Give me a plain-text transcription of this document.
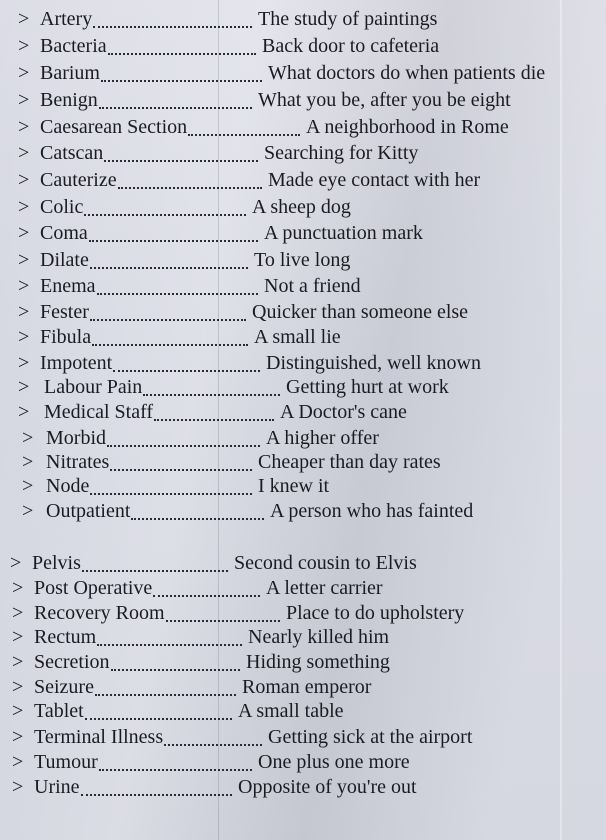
> Artery	The study of paintings
> Bacteria	Back door to cafeteria
> Barium	What doctors do when patients die
> Benign	What you be, after you be eight
> Caesarean Section	A neighborhood in Rome
> Catscan	Searching for Kitty
> Cauterize	Made eye contact with her
> Colic	A sheep dog
> Coma	A punctuation mark
> Dilate	To live long
> Enema	Not a friend
> Fester	Quicker than someone else
> Fibula	A small lie
> Impotent	Distinguished, well known
> Labour Pain	Getting hurt at work
> Medical Staff	A Doctor's cane
> Morbid	A higher offer
> Nitrates	Cheaper than day rates
> Node	I knew it
> Outpatient	A person who has fainted
> Pelvis	Second cousin to Elvis
> Post Operative	A letter carrier
> Recovery Room	Place to do upholstery
> Rectum	Nearly killed him
> Secretion	Hiding something
> Seizure	Roman emperor
> Tablet	A small table
> Terminal Illness	Getting sick at the airport
> Tumour	One plus one more
> Urine	Opposite of you're out
